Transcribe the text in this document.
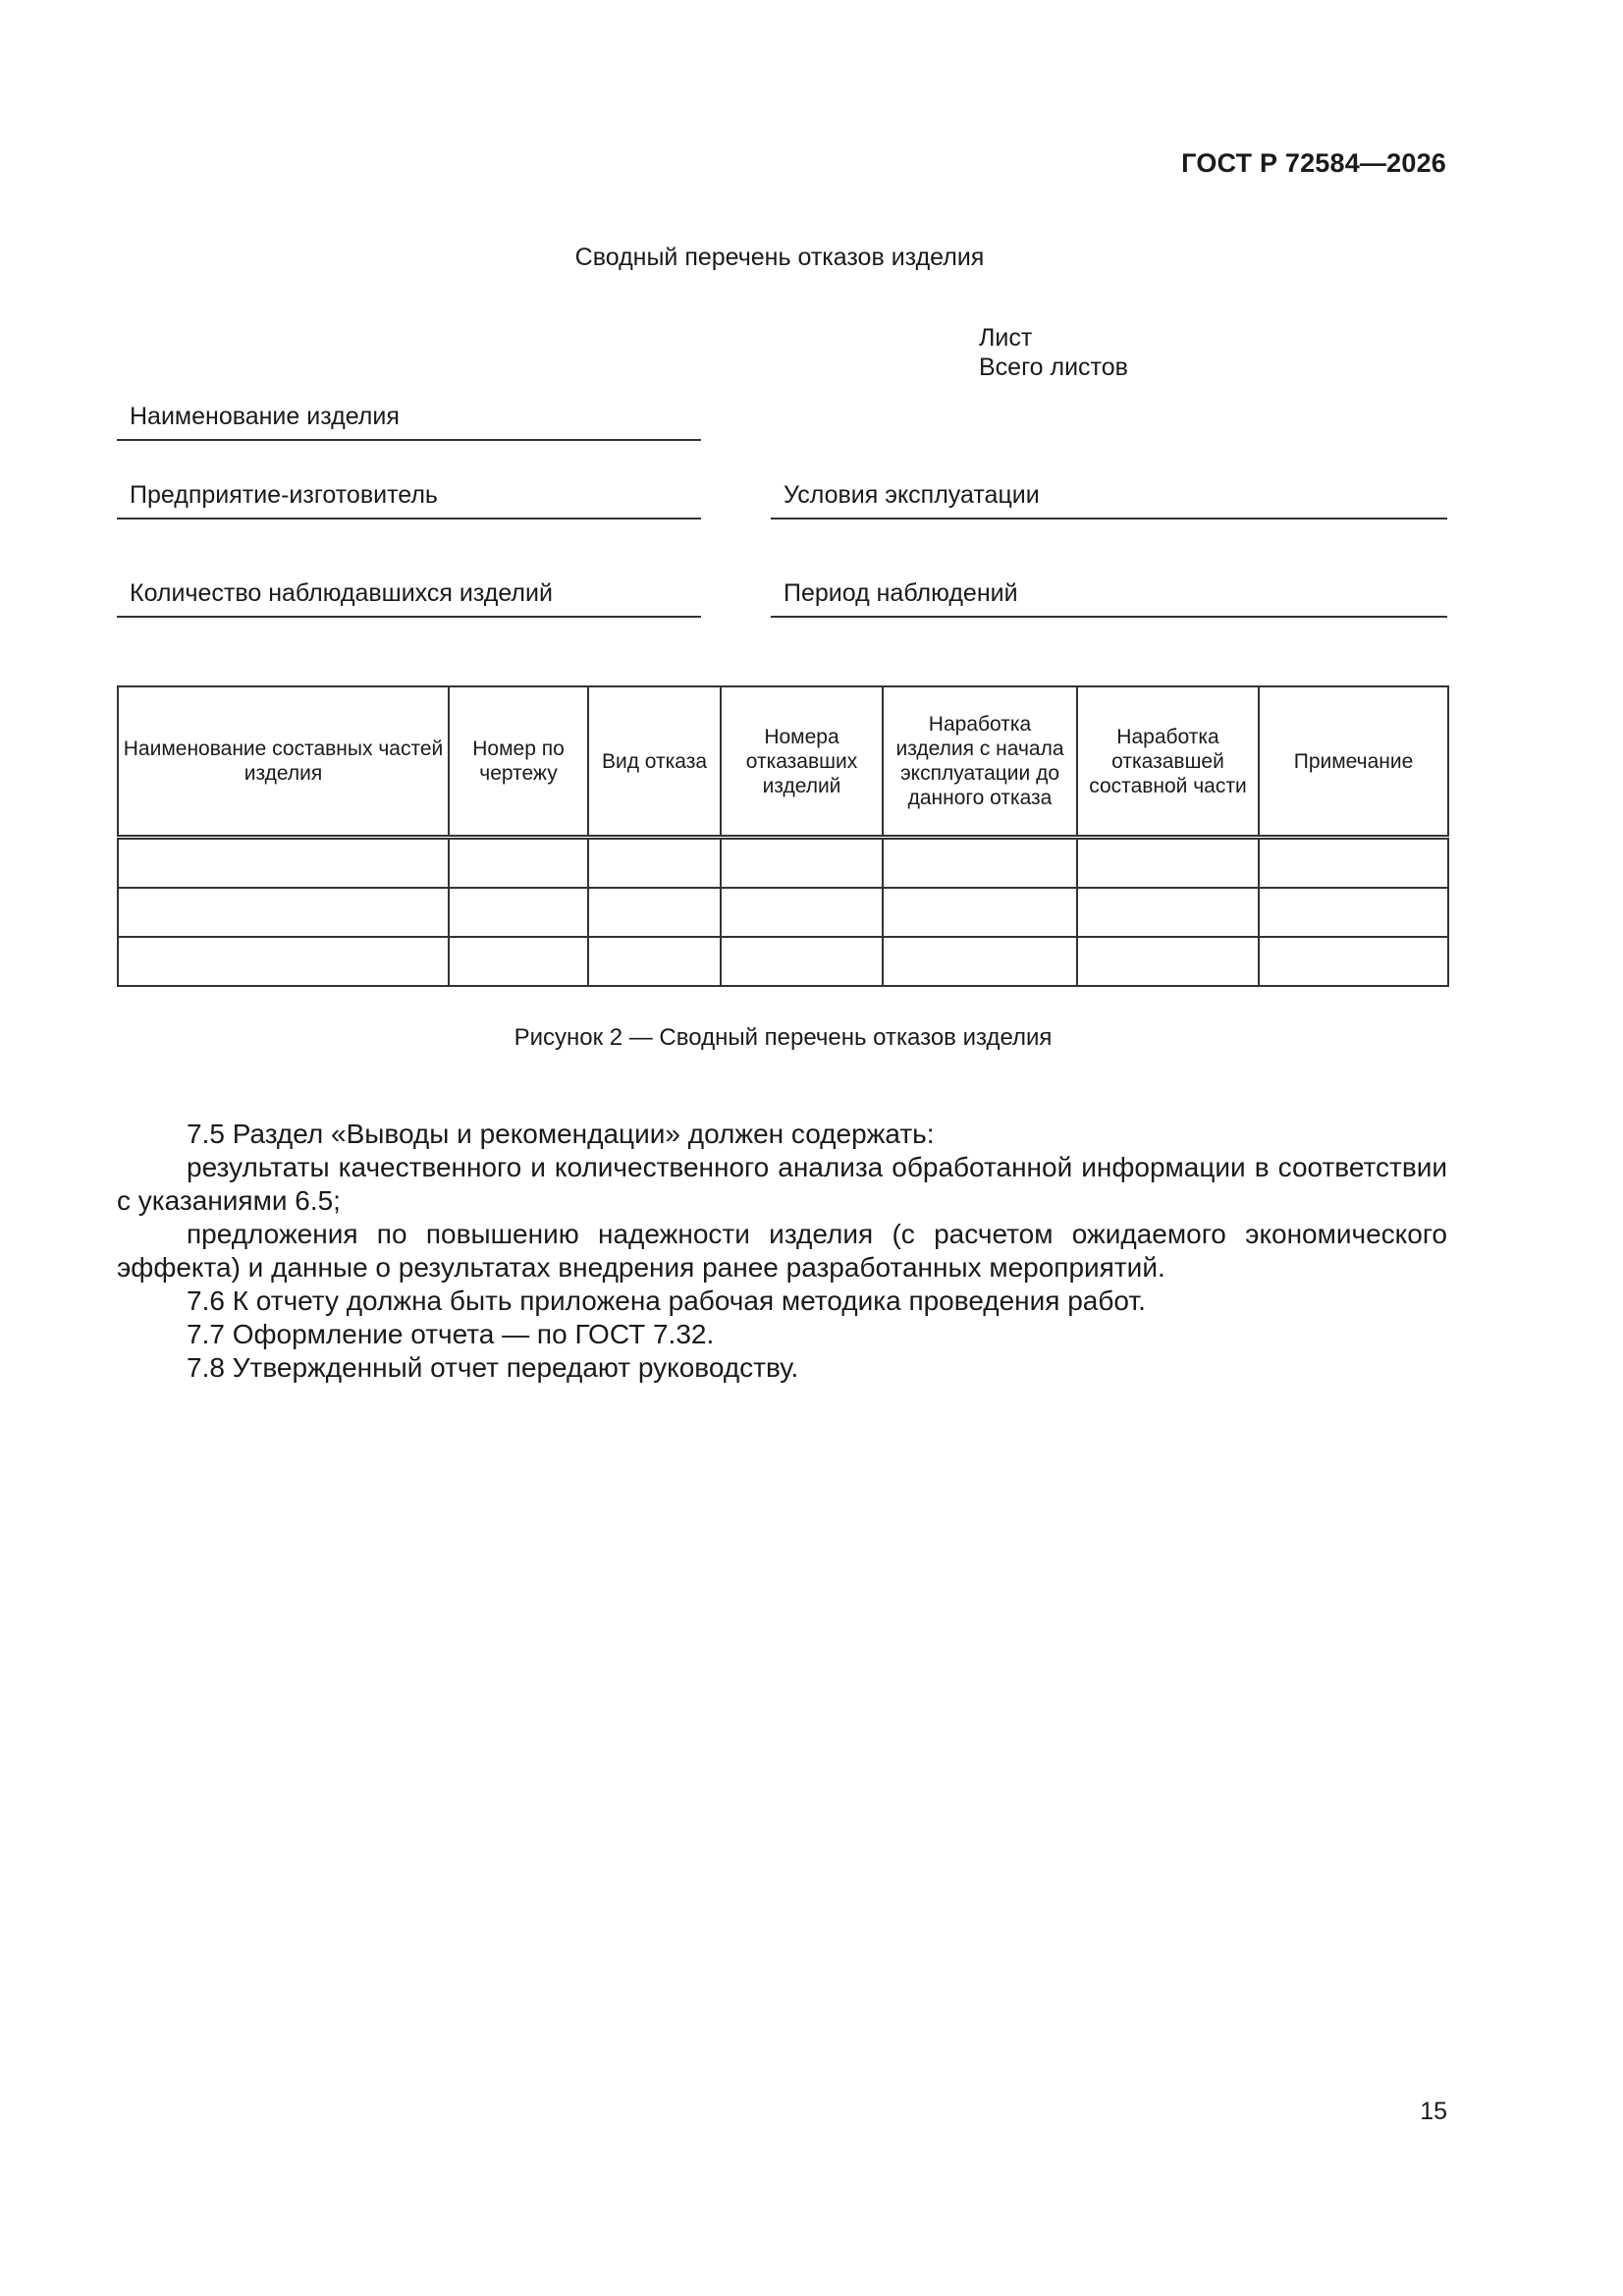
ГОСТ Р 72584—2026
Сводный перечень отказов изделия
Лист
Всего листов
Наименование изделия
Предприятие-изготовитель	Условия эксплуатации
Количество наблюдавшихся изделий	Период наблюдений
Наименование составных частей изделия	Номер по чертежу	Вид отказа	Номера отказавших изделий	Наработка изделия с начала эксплуатации до данного отказа	Наработка отказавшей составной части	Примечание

Рисунок 2 — Сводный перечень отказов изделия

7.5 Раздел «Выводы и рекомендации» должен содержать:

результаты качественного и количественного анализа обработанной информации в соответствии с указаниями 6.5;

предложения по повышению надежности изделия (с расчетом ожидаемого экономического эффекта) и данные о результатах внедрения ранее разработанных мероприятий.

7.6 К отчету должна быть приложена рабочая методика проведения работ.

7.7 Оформление отчета — по ГОСТ 7.32.

7.8 Утвержденный отчет передают руководству.

15
